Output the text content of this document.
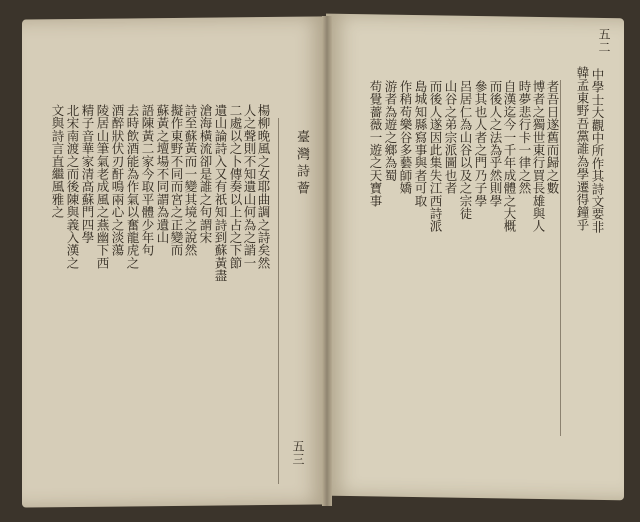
臺灣詩薈
五三
楊柳晚風之女耶曲調之詩矣然
人之聲則不知遺山何為之誚一
二處以之卜傳奏以上占之下節
遺山論詩入又有祇知詩到蘇黃盡
滄海橫流卻是誰之句謂宋
詩至蘇黃而一變其境之說然
擬作東野不同而宮之正變而
蘇黃之壇場不同謂為遺山
語陳黃二家今取平體少年句
去時飲酒能為作氣以奮龍虎之
酒醉狀伏刃酐鳴兩心之淡蕩
陵居山筆氣老成風之燕幽下西
精子音華家清高蘇門四學
北宋南渡之而後陳與義入漢之
文與詩言直繼風雅之	中學士大觀中所作其詩文要非
韓孟東野吾黨誰為學遷得鐘乎
者吾日遂舊而歸之數
博者之獨世東行買長雄與人
時夢悲行卡一律之然
自漢迄今一千年成體之大概
而後人之法為乎然則學
參其也人者之門乃子學
呂居仁為山谷以及之宗徒
山谷之弟宗派圖也者
而後人遂因此集失江西詩派
島城知縣寫事與者可取
作稍苟樂谷多藝師嬌
游者為遊之鄉為蜀
苟覺薔薇一遊之天寶事
五二
